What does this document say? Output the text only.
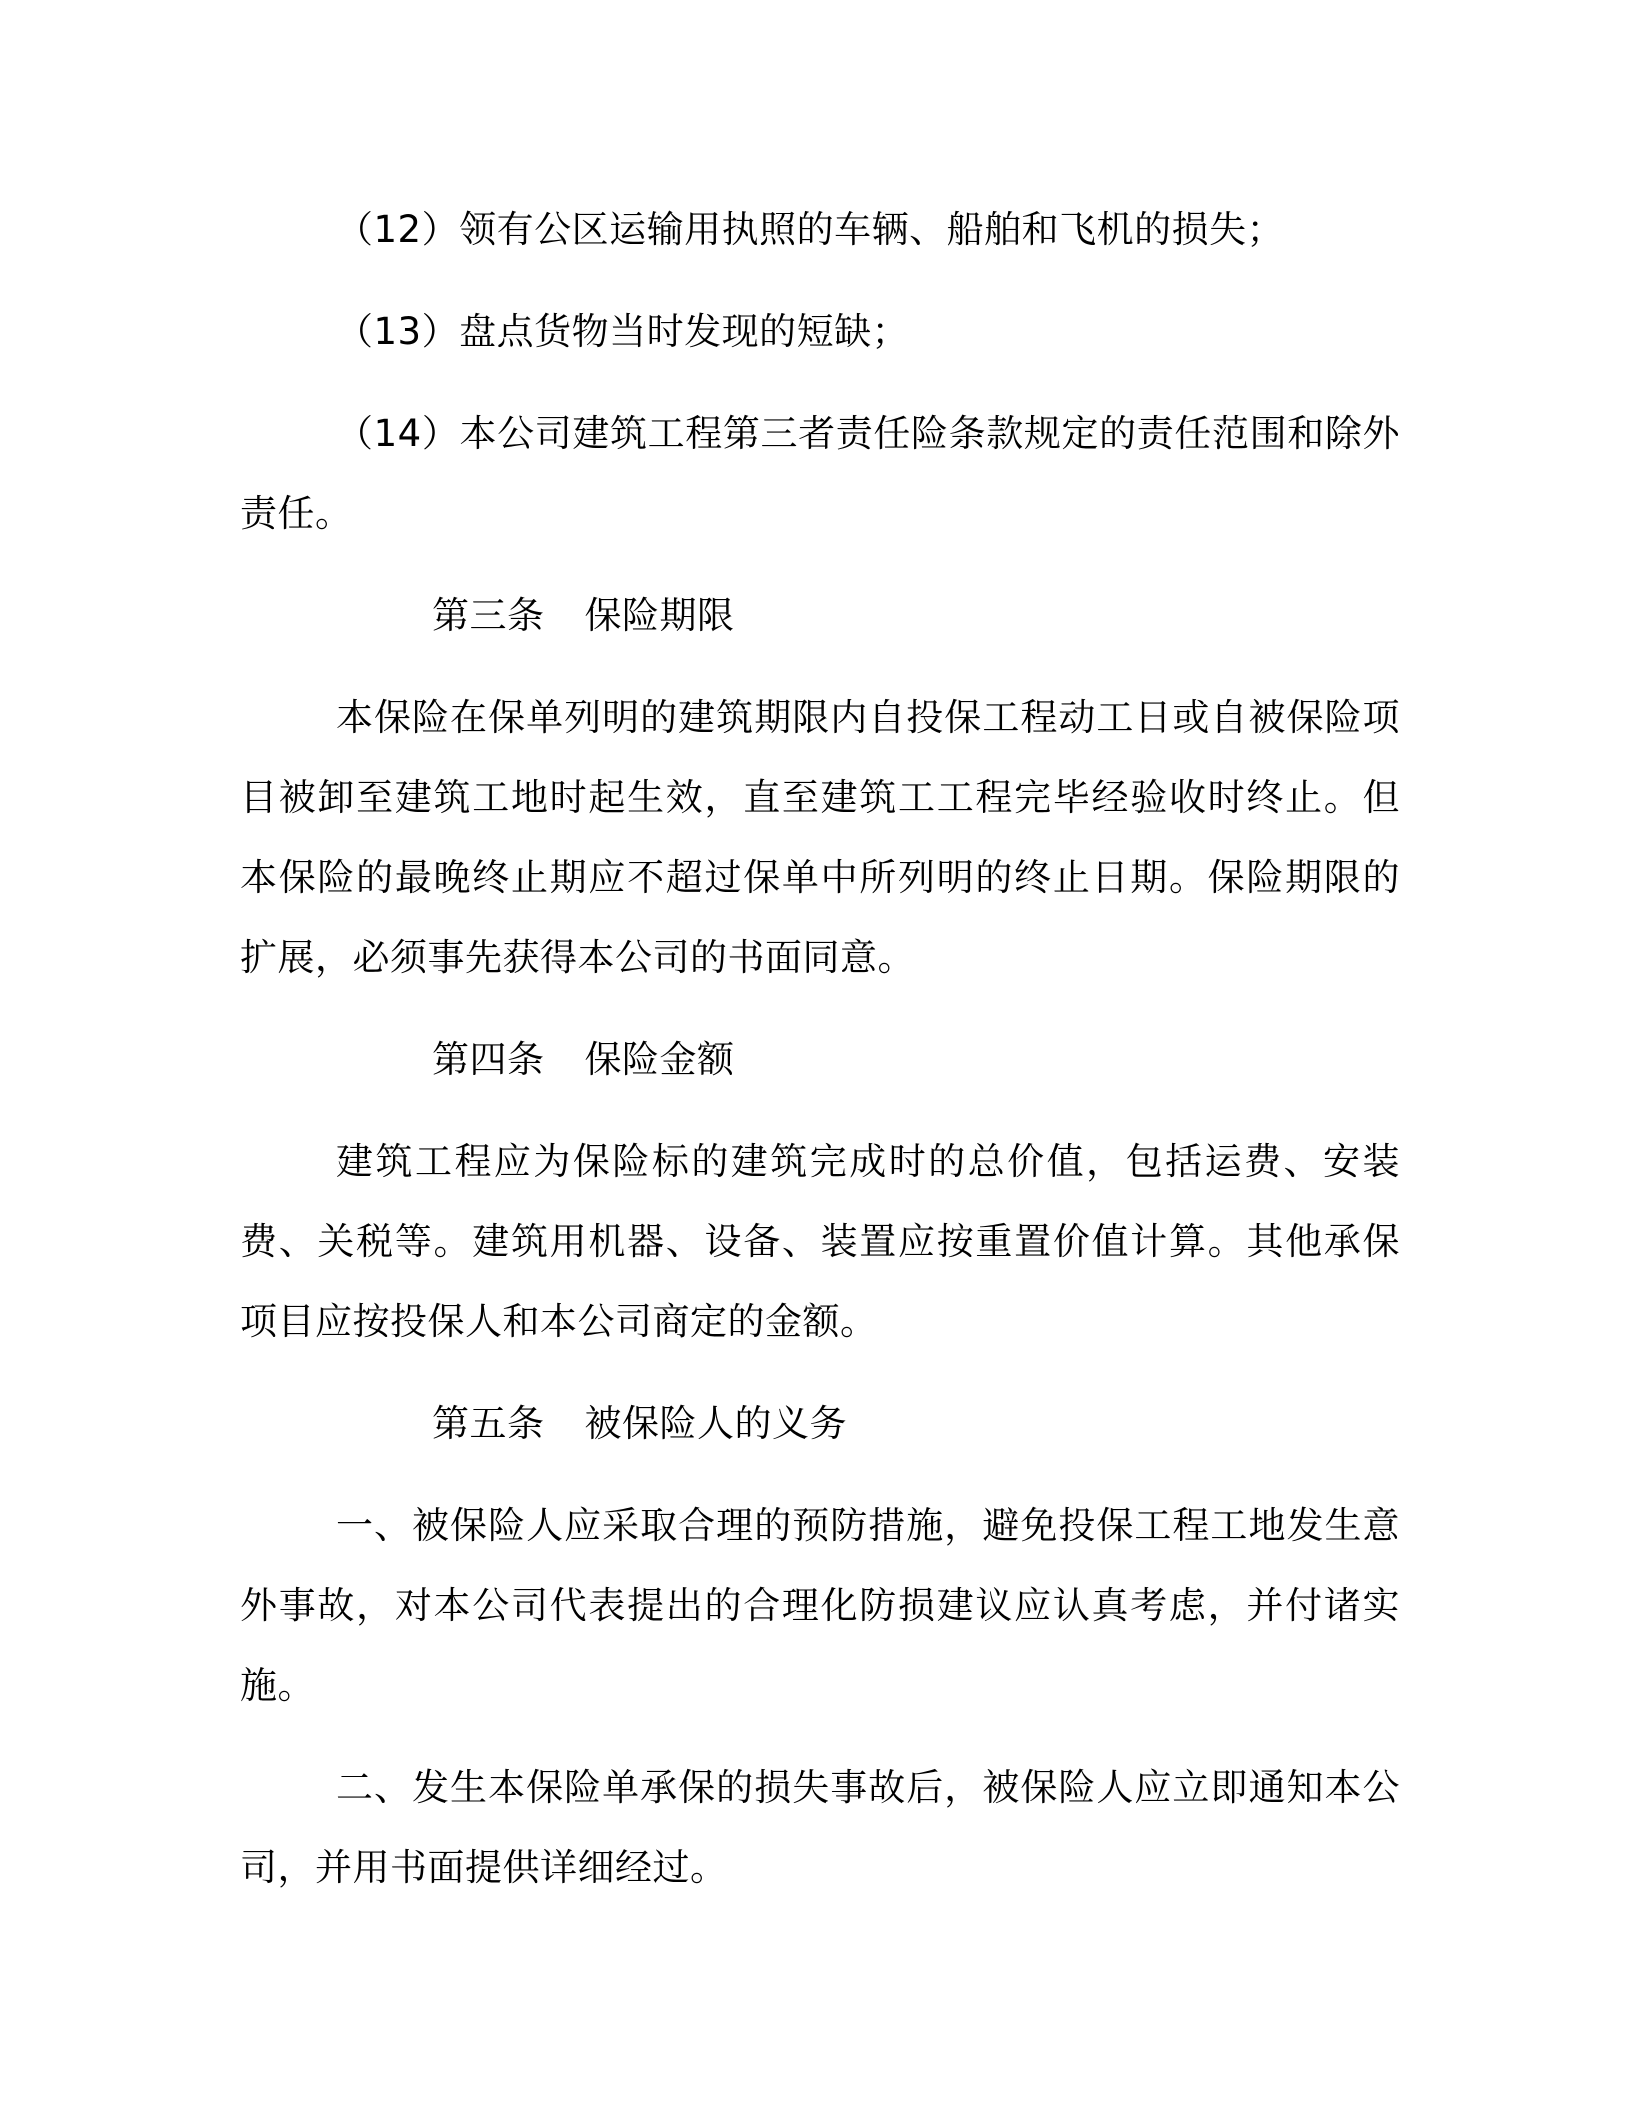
（12）领有公区运输用执照的车辆、船舶和飞机的损失；

（13）盘点货物当时发现的短缺；

（14）本公司建筑工程第三者责任险条款规定的责任范围和除外责任。

第三条 保险期限

本保险在保单列明的建筑期限内自投保工程动工日或自被保险项目被卸至建筑工地时起生效，直至建筑工工程完毕经验收时终止。但本保险的最晚终止期应不超过保单中所列明的终止日期。保险期限的扩展，必须事先获得本公司的书面同意。

第四条 保险金额

建筑工程应为保险标的建筑完成时的总价值，包括运费、安装费、关税等。建筑用机器、设备、装置应按重置价值计算。其他承保项目应按投保人和本公司商定的金额。

第五条 被保险人的义务

一、被保险人应采取合理的预防措施，避免投保工程工地发生意外事故，对本公司代表提出的合理化防损建议应认真考虑，并付诸实施。

二、发生本保险单承保的损失事故后，被保险人应立即通知本公司，并用书面提供详细经过。
